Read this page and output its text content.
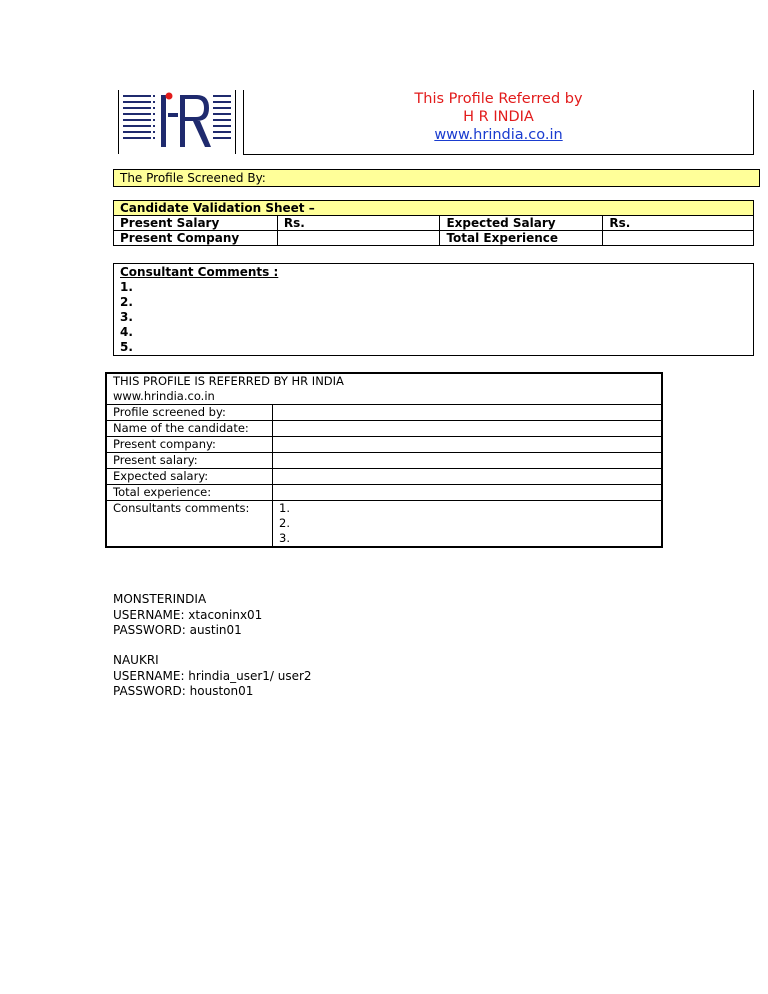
This Profile Referred by
H R INDIA
www.hrindia.co.in
The Profile Screened By:
Candidate Validation Sheet –			
Present Salary	Rs.	Expected Salary	Rs.
Present Company		Total Experience	
Consultant Comments :
1.
2.
3.
4.
5.
THIS PROFILE IS REFERRED BY HR INDIA	
www.hrindia.co.in	
Profile screened by:	
Name of the candidate:	
Present company:	
Present salary:	
Expected salary:	
Total experience:	
Consultants comments:	1.
2.
3.
MONSTERINDIA
USERNAME: xtaconinx01
PASSWORD: austin01
NAUKRI
USERNAME: hrindia_user1/ user2
PASSWORD: houston01
